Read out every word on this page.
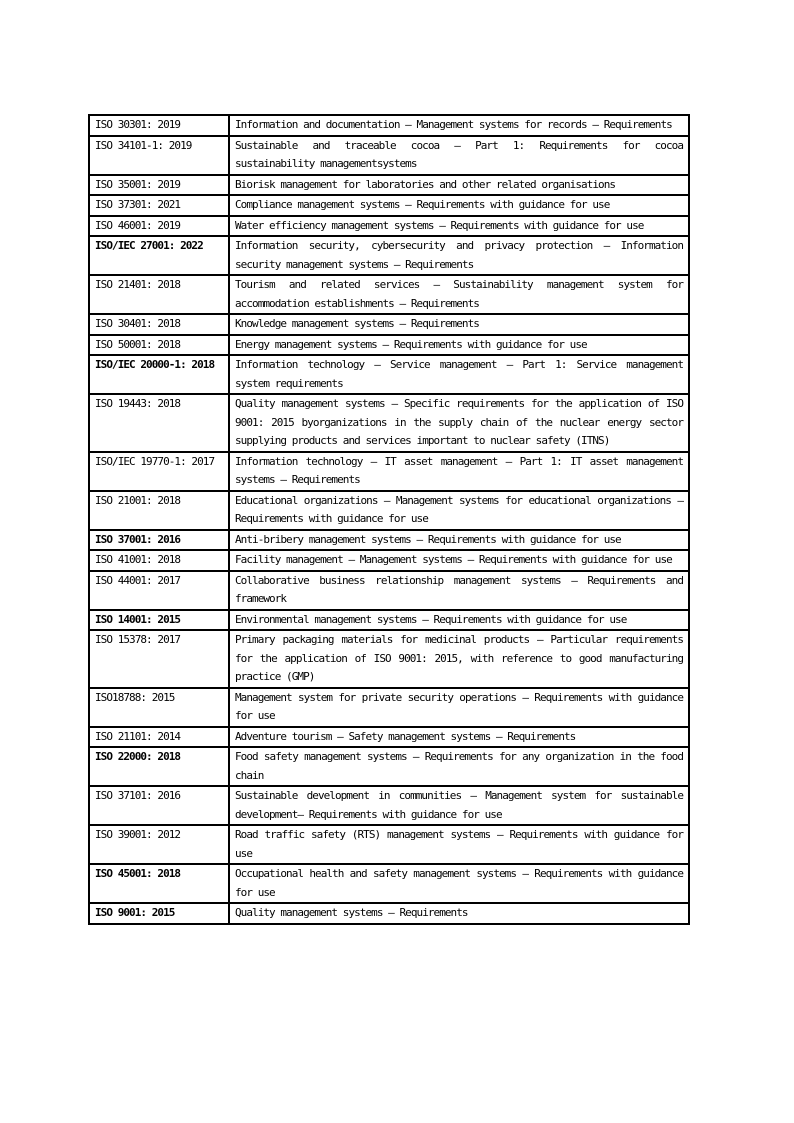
ISO 30301: 2019	Information and documentation — Management systems for records — Requirements
ISO 34101-1: 2019	Sustainable and traceable cocoa — Part 1: Requirements for cocoa sustainability managementsystems
ISO 35001: 2019	Biorisk management for laboratories and other related organisations
ISO 37301: 2021	Compliance management systems — Requirements with guidance for use
ISO 46001: 2019	Water efficiency management systems — Requirements with guidance for use
ISO/IEC 27001: 2022	Information security, cybersecurity and privacy protection — Information security management systems — Requirements
ISO 21401: 2018	Tourism and related services — Sustainability management system for accommodation establishments — Requirements
ISO 30401: 2018	Knowledge management systems — Requirements
ISO 50001: 2018	Energy management systems — Requirements with guidance for use
ISO/IEC 20000-1: 2018	Information technology — Service management — Part 1: Service management system requirements
ISO 19443: 2018	Quality management systems — Specific requirements for the application of ISO 9001: 2015 byorganizations in the supply chain of the nuclear energy sector supplying products and services important to nuclear safety (ITNS)
ISO/IEC 19770-1: 2017	Information technology — IT asset management — Part 1: IT asset management systems — Requirements
ISO 21001: 2018	Educational organizations — Management systems for educational organizations — Requirements with guidance for use
ISO 37001: 2016	Anti-bribery management systems — Requirements with guidance for use
ISO 41001: 2018	Facility management — Management systems — Requirements with guidance for use
ISO 44001: 2017	Collaborative business relationship management systems — Requirements and framework
ISO 14001: 2015	Environmental management systems — Requirements with guidance for use
ISO 15378: 2017	Primary packaging materials for medicinal products — Particular requirements for the application of ISO 9001: 2015, with reference to good manufacturing practice (GMP)
ISO18788: 2015	Management system for private security operations — Requirements with guidance for use
ISO 21101: 2014	Adventure tourism — Safety management systems — Requirements
ISO 22000: 2018	Food safety management systems — Requirements for any organization in the food chain
ISO 37101: 2016	Sustainable development in communities — Management system for sustainable development— Requirements with guidance for use
ISO 39001: 2012	Road traffic safety (RTS) management systems — Requirements with guidance for use
ISO 45001: 2018	Occupational health and safety management systems — Requirements with guidance for use
ISO 9001: 2015	Quality management systems — Requirements
